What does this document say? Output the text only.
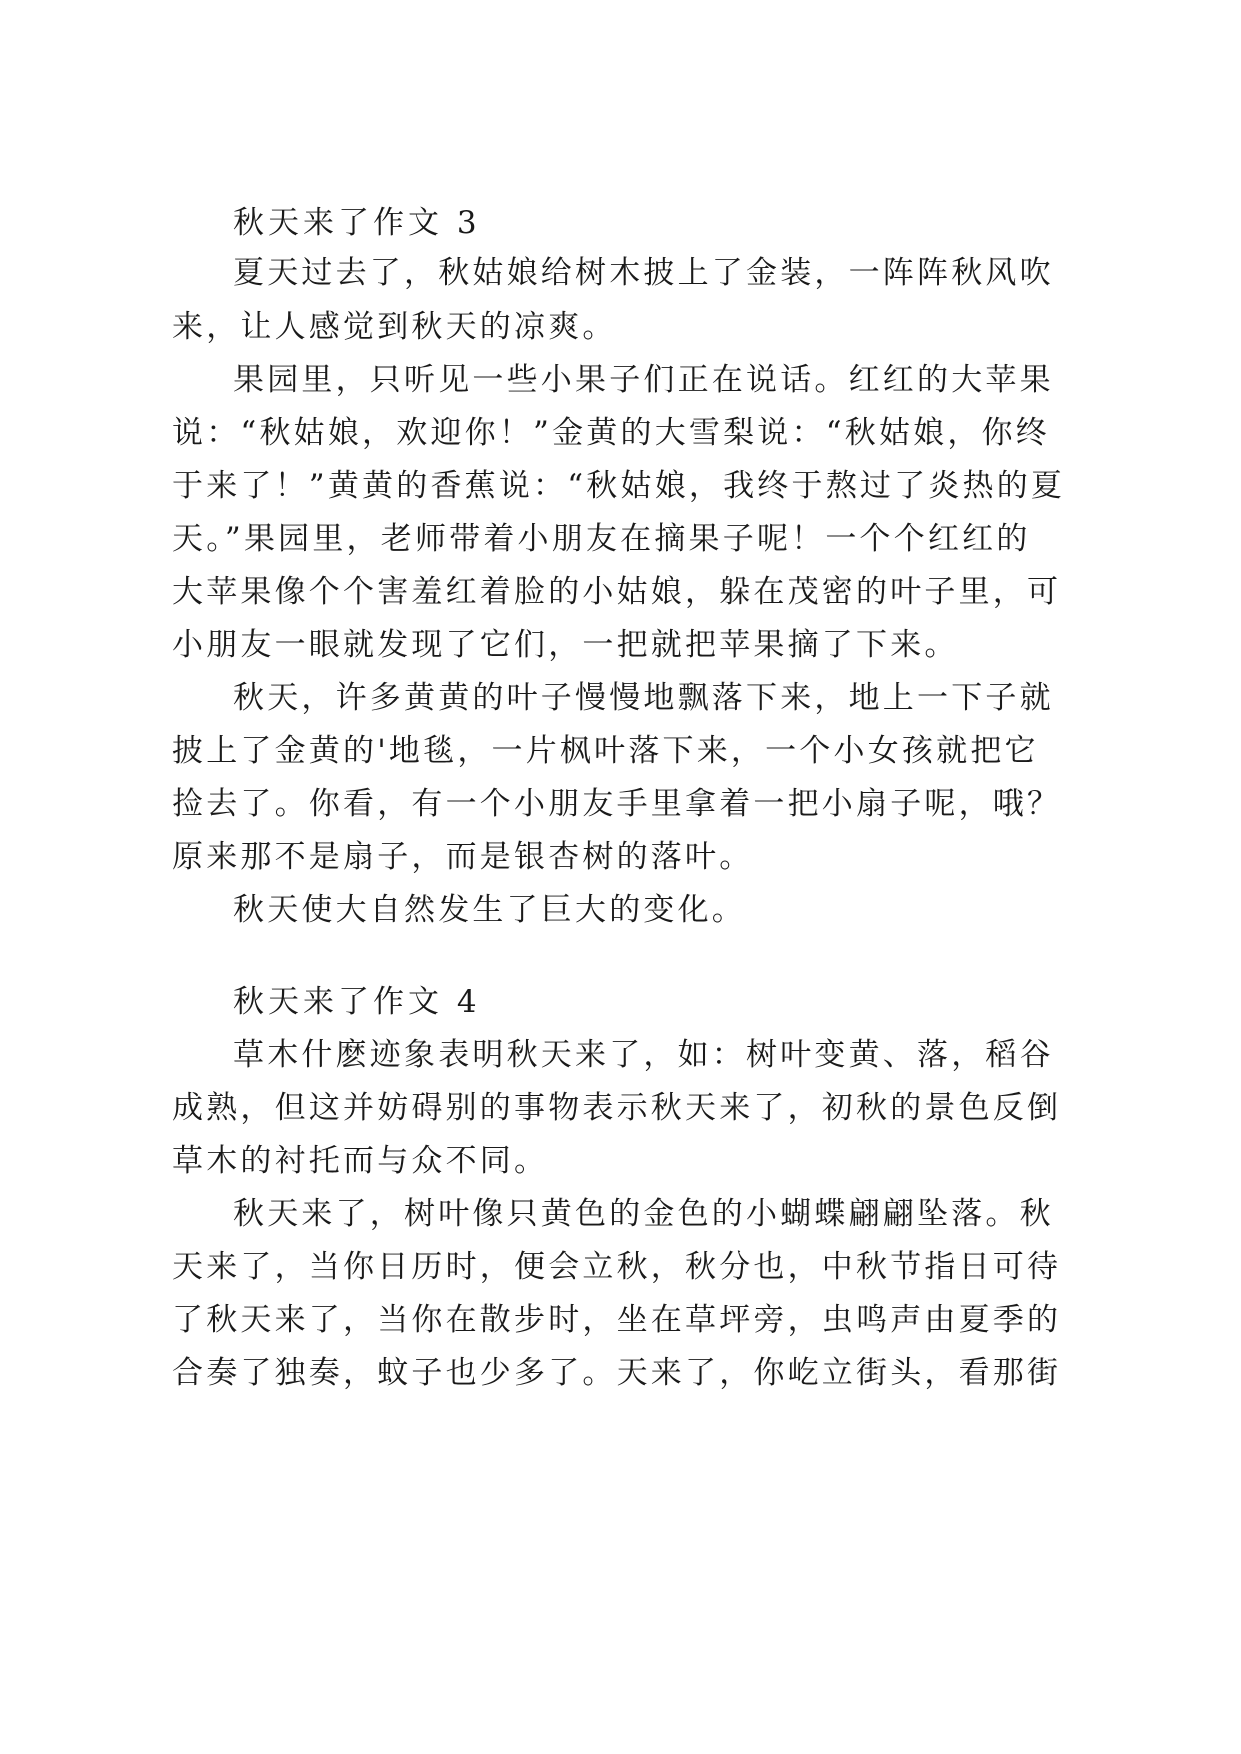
秋天来了作文 3

夏天过去了，秋姑娘给树木披上了金装，一阵阵秋风吹

来，让人感觉到秋天的凉爽。

果园里，只听见一些小果子们正在说话。红红的大苹果

说：“秋姑娘，欢迎你！”金黄的大雪梨说：“秋姑娘，你终

于来了！”黄黄的香蕉说：“秋姑娘，我终于熬过了炎热的夏

天。”果园里，老师带着小朋友在摘果子呢！一个个红红的

大苹果像个个害羞红着脸的小姑娘，躲在茂密的叶子里，可

小朋友一眼就发现了它们，一把就把苹果摘了下来。

秋天，许多黄黄的叶子慢慢地飘落下来，地上一下子就

披上了金黄的'地毯，一片枫叶落下来，一个小女孩就把它

捡去了。你看，有一个小朋友手里拿着一把小扇子呢，哦？

原来那不是扇子，而是银杏树的落叶。

秋天使大自然发生了巨大的变化。

秋天来了作文 4

草木什麽迹象表明秋天来了，如：树叶变黄、落，稻谷

成熟，但这并妨碍别的事物表示秋天来了，初秋的景色反倒

草木的衬托而与众不同。

秋天来了，树叶像只黄色的金色的小蝴蝶翩翩坠落。秋

天来了，当你日历时，便会立秋，秋分也，中秋节指日可待

了秋天来了，当你在散步时，坐在草坪旁，虫鸣声由夏季的

合奏了独奏，蚊子也少多了。天来了，你屹立街头，看那街
